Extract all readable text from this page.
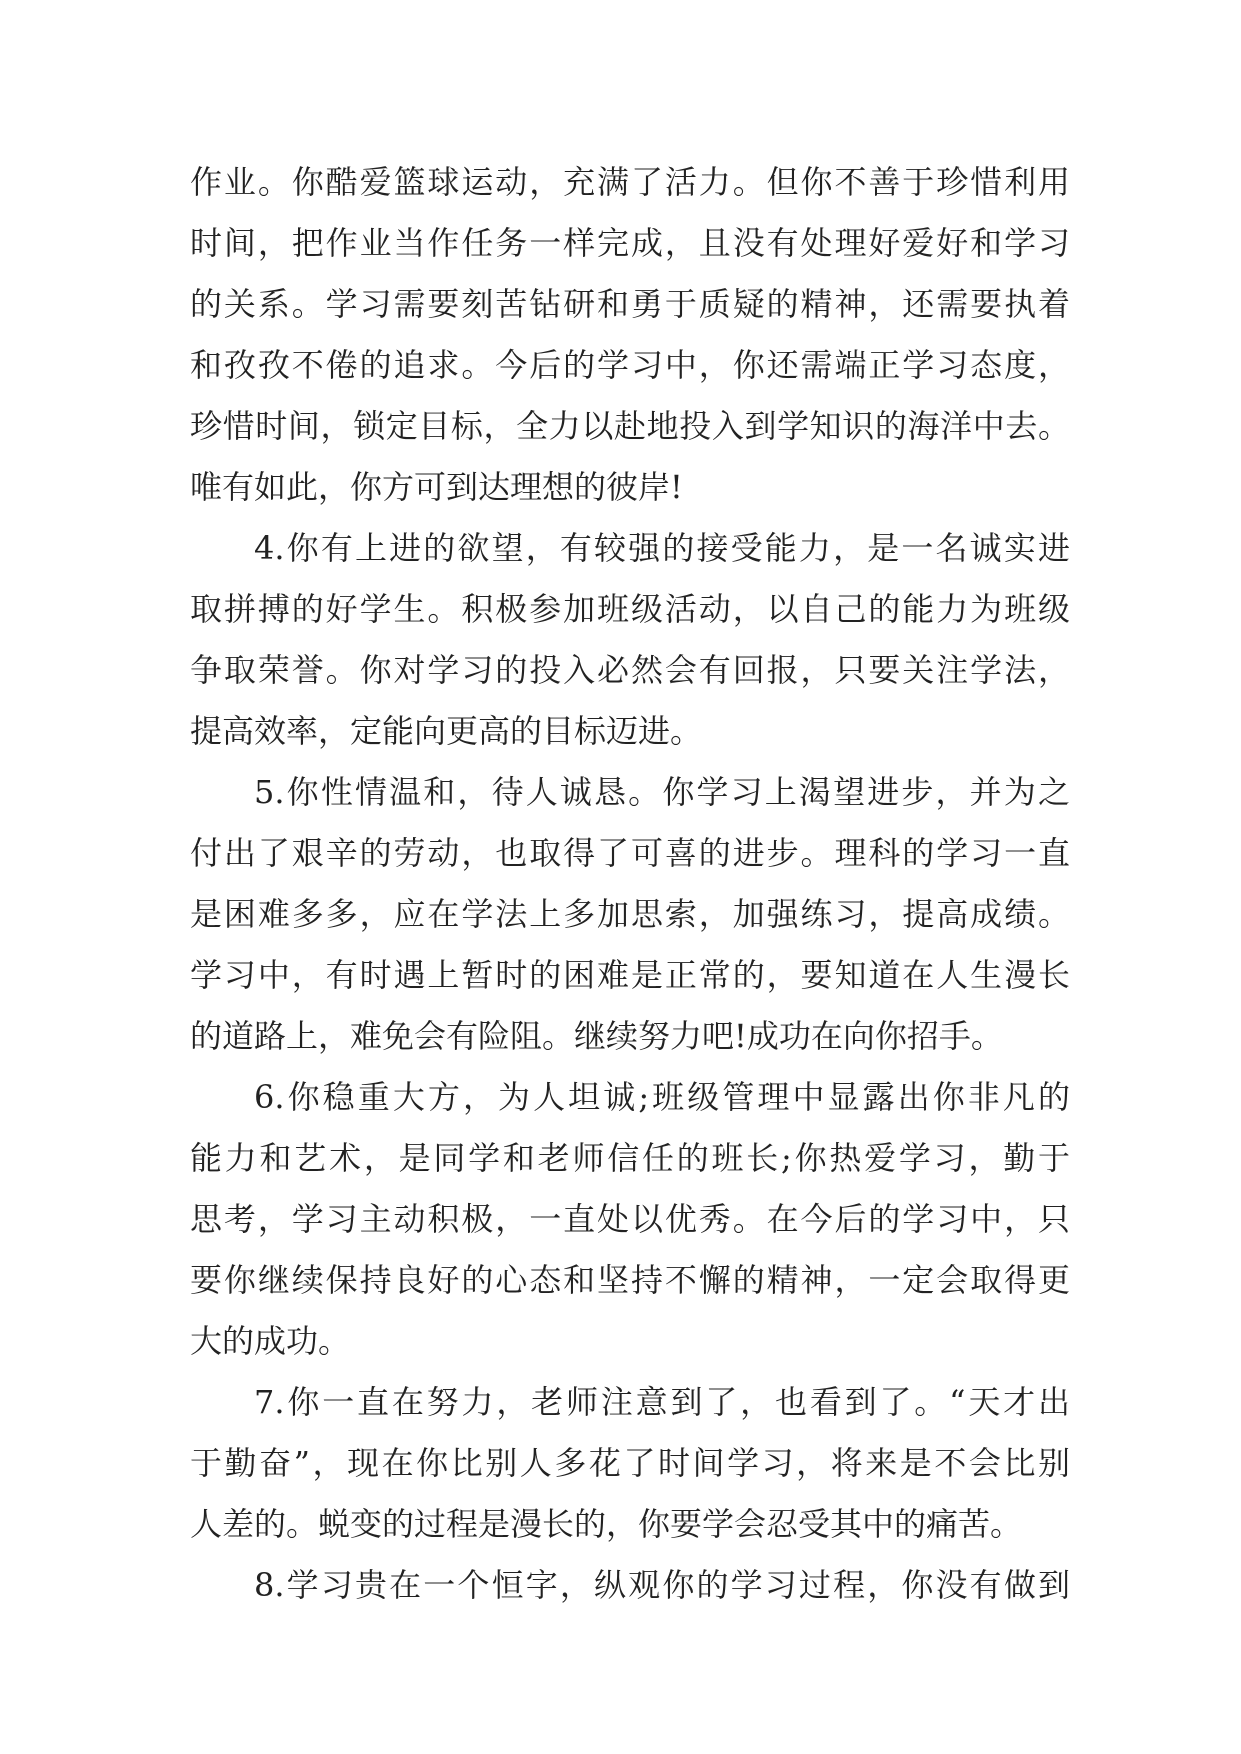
作业。你酷爱篮球运动，充满了活力。但你不善于珍惜利用
时间，把作业当作任务一样完成，且没有处理好爱好和学习
的关系。学习需要刻苦钻研和勇于质疑的精神，还需要执着
和孜孜不倦的追求。今后的学习中，你还需端正学习态度，
珍惜时间，锁定目标，全力以赴地投入到学知识的海洋中去。
唯有如此，你方可到达理想的彼岸!
4.你有上进的欲望，有较强的接受能力，是一名诚实进
取拼搏的好学生。积极参加班级活动，以自己的能力为班级
争取荣誉。你对学习的投入必然会有回报，只要关注学法，
提高效率，定能向更高的目标迈进。
5.你性情温和，待人诚恳。你学习上渴望进步，并为之
付出了艰辛的劳动，也取得了可喜的进步。理科的学习一直
是困难多多，应在学法上多加思索，加强练习，提高成绩。
学习中，有时遇上暂时的困难是正常的，要知道在人生漫长
的道路上，难免会有险阻。继续努力吧!成功在向你招手。
6.你稳重大方，为人坦诚;班级管理中显露出你非凡的
能力和艺术，是同学和老师信任的班长;你热爱学习，勤于
思考，学习主动积极，一直处以优秀。在今后的学习中，只
要你继续保持良好的心态和坚持不懈的精神，一定会取得更
大的成功。
7.你一直在努力，老师注意到了，也看到了。“天才出
于勤奋”，现在你比别人多花了时间学习，将来是不会比别
人差的。蜕变的过程是漫长的，你要学会忍受其中的痛苦。
8.学习贵在一个恒字，纵观你的学习过程，你没有做到
